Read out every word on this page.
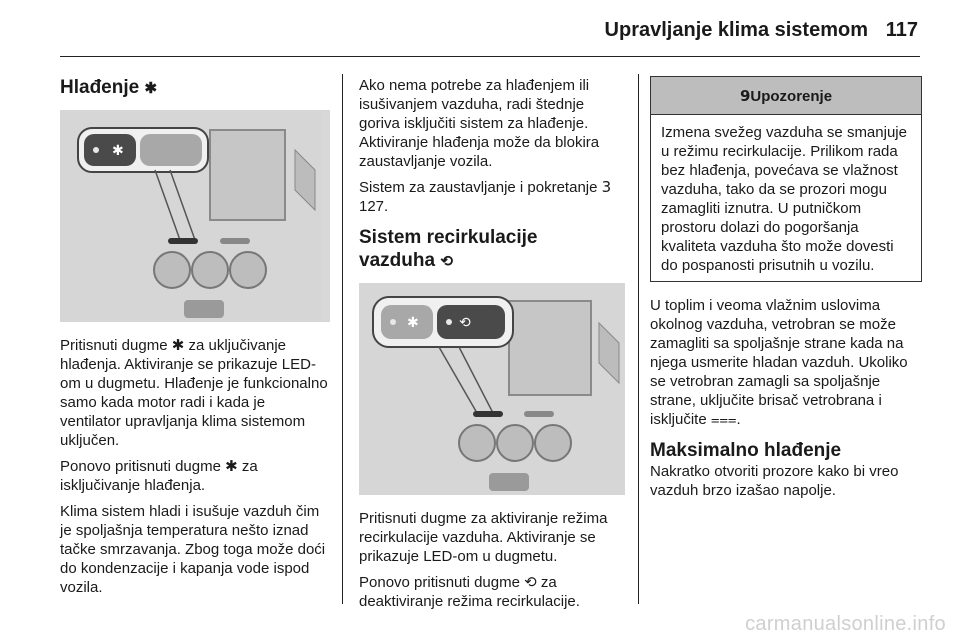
Upravljanje klima sistemom 117
Hlađenje ✱
✱

Pritisnuti dugme ✱ za uključivanje hlađenja. Aktiviranje se prikazuje LED-om u dugmetu. Hlađenje je funkcionalno samo kada motor radi i kada je ventilator upravljanja klima sistemom uključen.

Ponovo pritisnuti dugme ✱ za isključivanje hlađenja.

Klima sistem hladi i isušuje vazduh čim je spoljašnja temperatura nešto iznad tačke smrzavanja. Zbog toga može doći do kondenzacije i kapanja vode ispod vozila.

Ako nema potrebe za hlađenjem ili isušivanjem vazduha, radi štednje goriva isključiti sistem za hlađenje. Aktiviranje hlađenja može da blokira zaustavljanje vozila.

Sistem za zaustavljanje i pokretanje 3 127.

Sistem recirkulacije
vazduha ⟲
✱	⟲

Pritisnuti dugme za aktiviranje režima recirkulacije vazduha. Aktiviranje se prikazuje LED-om u dugmetu.

Ponovo pritisnuti dugme ⟲ za deaktiviranje režima recirkulacije.

9Upozorenje
Izmena svežeg vazduha se smanjuje u režimu recirkulacije. Prilikom rada bez hlađenja, povećava se vlažnost vazduha, tako da se prozori mogu zamagliti iznutra. U putničkom prostoru dolazi do pogoršanja kvaliteta vazduha što može dovesti do pospanosti prisutnih u vozilu.

U toplim i veoma vlažnim uslovima okolnog vazduha, vetrobran se može zamagliti sa spoljašnje strane kada na njega usmerite hladan vazduh. Ukoliko se vetrobran zamagli sa spoljašnje strane, uključite brisač vetrobrana i isključite ⩶.

Maksimalno hlađenje

Nakratko otvoriti prozore kako bi vreo vazduh brzo izašao napolje.

carmanualsonline.info
